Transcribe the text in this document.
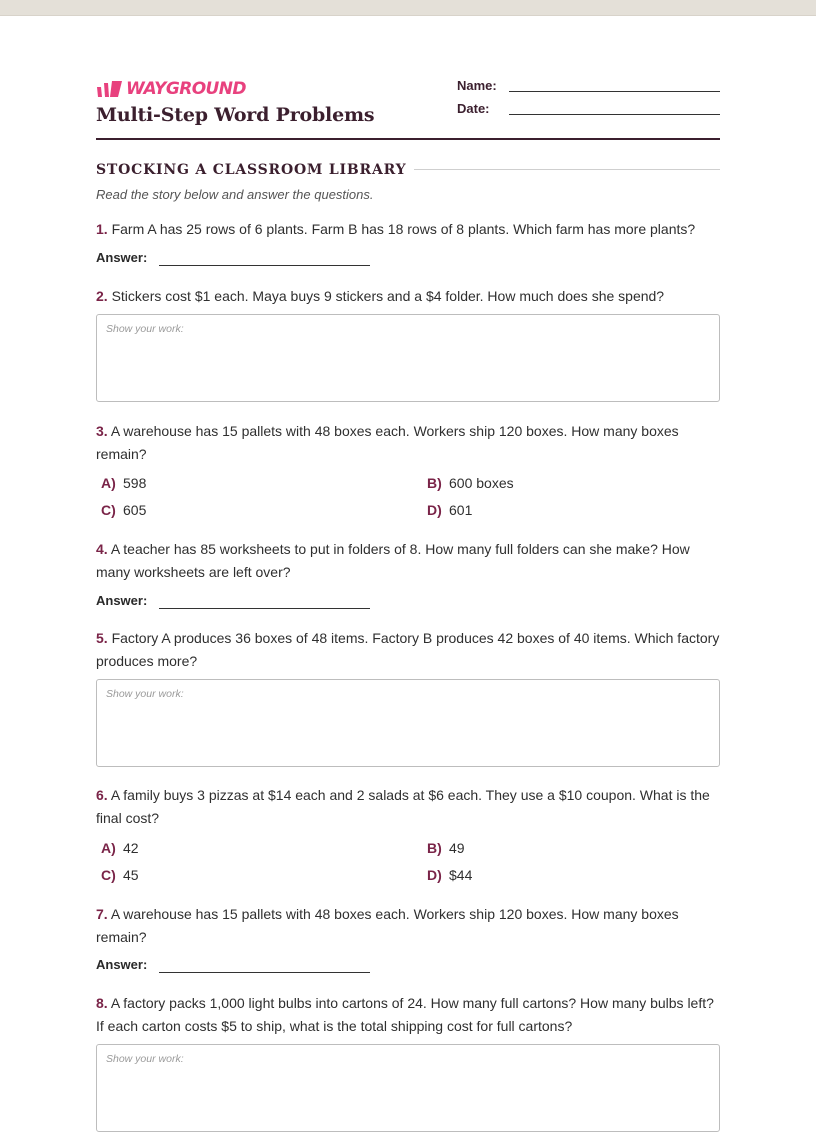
WAYGROUND
Multi-Step Word Problems
Name:
Date:
STOCKING A CLASSROOM LIBRARY
Read the story below and answer the questions.
1. Farm A has 25 rows of 6 plants. Farm B has 18 rows of 8 plants. Which farm has more plants?
Answer:
2. Stickers cost $1 each. Maya buys 9 stickers and a $4 folder. How much does she spend?
Show your work:
3. A warehouse has 15 pallets with 48 boxes each. Workers ship 120 boxes. How many boxes remain?
A) 598	B) 600 boxes
C) 605	D) 601
4. A teacher has 85 worksheets to put in folders of 8. How many full folders can she make? How many worksheets are left over?
Answer:
5. Factory A produces 36 boxes of 48 items. Factory B produces 42 boxes of 40 items. Which factory produces more?
Show your work:
6. A family buys 3 pizzas at $14 each and 2 salads at $6 each. They use a $10 coupon. What is the final cost?
A) 42	B) 49
C) 45	D) $44
7. A warehouse has 15 pallets with 48 boxes each. Workers ship 120 boxes. How many boxes remain?
Answer:
8. A factory packs 1,000 light bulbs into cartons of 24. How many full cartons? How many bulbs left? If each carton costs $5 to ship, what is the total shipping cost for full cartons?
Show your work:
